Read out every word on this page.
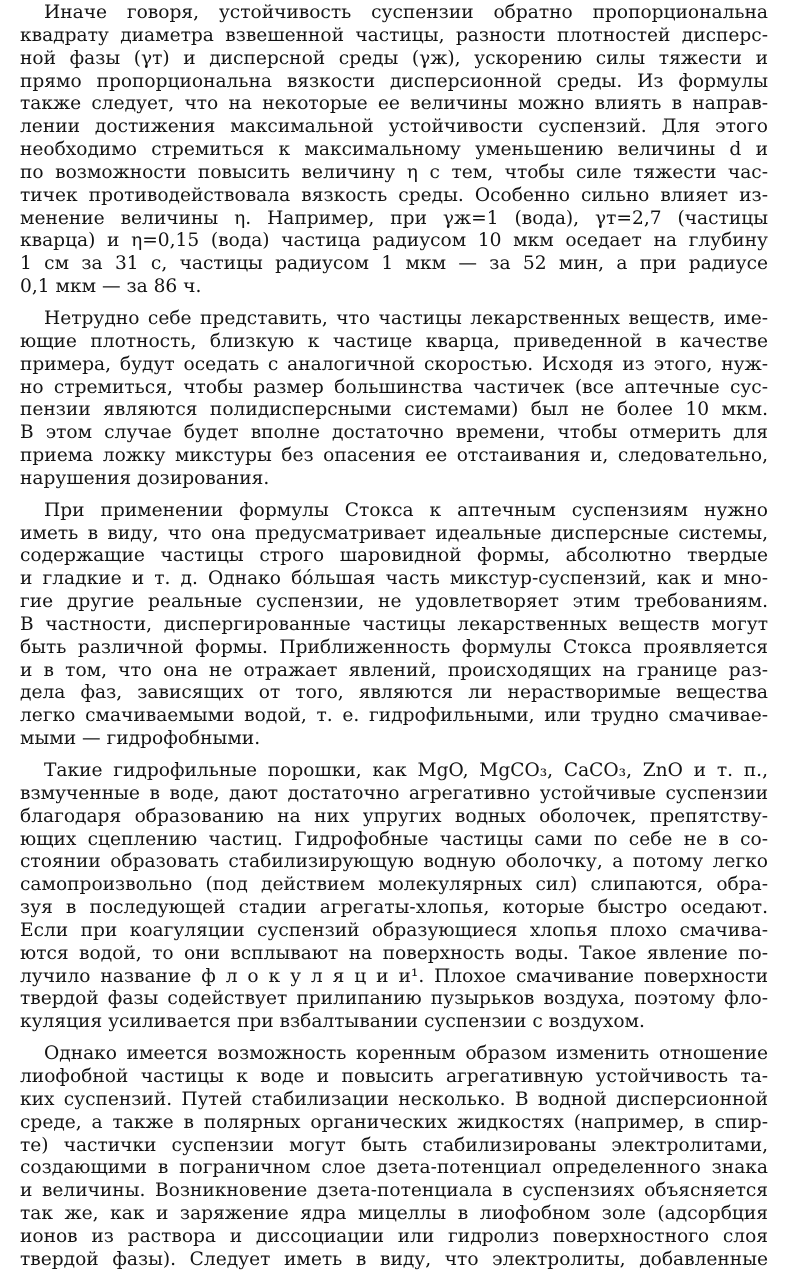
Иначе говоря, устойчивость суспензии обратно пропорциональна
квадрату диаметра взвешенной частицы, разности плотностей дисперс-
ной фазы (γт) и дисперсной среды (γж), ускорению силы тяжести и
прямо пропорциональна вязкости дисперсионной среды. Из формулы
также следует, что на некоторые ее величины можно влиять в направ-
лении достижения максимальной устойчивости суспензий. Для этого
необходимо стремиться к максимальному уменьшению величины d и
по возможности повысить величину η с тем, чтобы силе тяжести час-
тичек противодействовала вязкость среды. Особенно сильно влияет из-
менение величины η. Например, при γж=1 (вода), γт=2,7 (частицы
кварца) и η=0,15 (вода) частица радиусом 10 мкм оседает на глубину
1 см за 31 с, частицы радиусом 1 мкм — за 52 мин, а при радиусе
0,1 мкм — за 86 ч.
Нетрудно себе представить, что частицы лекарственных веществ, име-
ющие плотность, близкую к частице кварца, приведенной в качестве
примера, будут оседать с аналогичной скоростью. Исходя из этого, нуж-
но стремиться, чтобы размер большинства частичек (все аптечные сус-
пензии являются полидисперсными системами) был не более 10 мкм.
В этом случае будет вполне достаточно времени, чтобы отмерить для
приема ложку микстуры без опасения ее отстаивания и, следовательно,
нарушения дозирования.
При применении формулы Стокса к аптечным суспензиям нужно
иметь в виду, что она предусматривает идеальные дисперсные системы,
содержащие частицы строго шаровидной формы, абсолютно твердые
и гладкие и т. д. Однако бóльшая часть микстур-суспензий, как и мно-
гие другие реальные суспензии, не удовлетворяет этим требованиям.
В частности, диспергированные частицы лекарственных веществ могут
быть различной формы. Приближенность формулы Стокса проявляется
и в том, что она не отражает явлений, происходящих на границе раз-
дела фаз, зависящих от того, являются ли нерастворимые вещества
легко смачиваемыми водой, т. е. гидрофильными, или трудно смачивае-
мыми — гидрофобными.
Такие гидрофильные порошки, как MgO, MgCO₃, CaCO₃, ZnO и т. п.,
взмученные в воде, дают достаточно агрегативно устойчивые суспензии
благодаря образованию на них упругих водных оболочек, препятству-
ющих сцеплению частиц. Гидрофобные частицы сами по себе не в со-
стоянии образовать стабилизирующую водную оболочку, а потому легко
самопроизвольно (под действием молекулярных сил) слипаются, обра-
зуя в последующей стадии агрегаты-хлопья, которые быстро оседают.
Если при коагуляции суспензий образующиеся хлопья плохо смачива-
ются водой, то они всплывают на поверхность воды. Такое явление по-
лучило название ф л о к у л я ц и и¹. Плохое смачивание поверхности
твердой фазы содействует прилипанию пузырьков воздуха, поэтому фло-
куляция усиливается при взбалтывании суспензии с воздухом.
Однако имеется возможность коренным образом изменить отношение
лиофобной частицы к воде и повысить агрегативную устойчивость та-
ких суспензий. Путей стабилизации несколько. В водной дисперсионной
среде, а также в полярных органических жидкостях (например, в спир-
те) частички суспензии могут быть стабилизированы электролитами,
создающими в пограничном слое дзета-потенциал определенного знака
и величины. Возникновение дзета-потенциала в суспензиях объясняется
так же, как и заряжение ядра мицеллы в лиофобном золе (адсорбция
ионов из раствора и диссоциации или гидролиз поверхностного слоя
твердой фазы). Следует иметь в виду, что электролиты, добавленные
